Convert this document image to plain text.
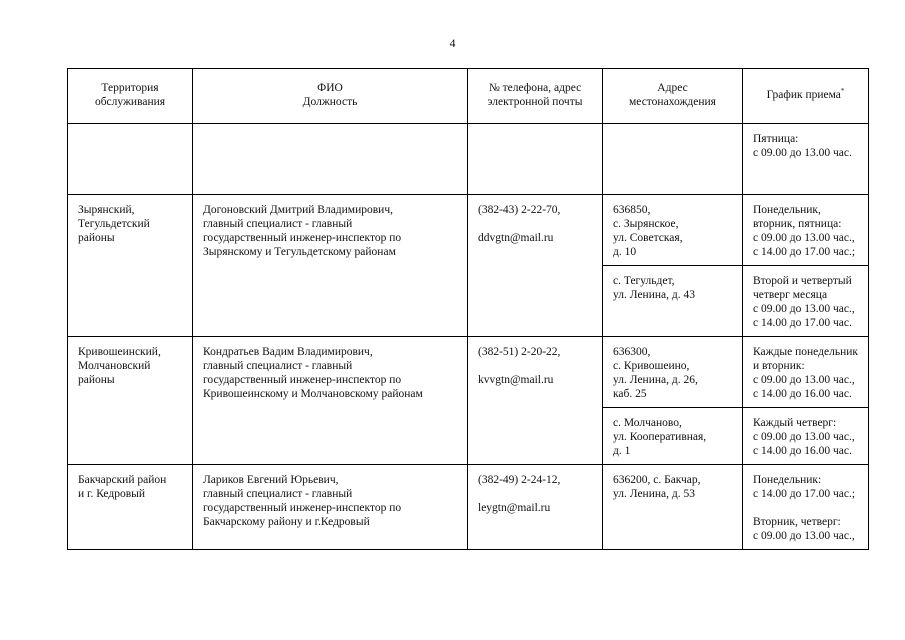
4
Территория
обслуживания	ФИО
Должность	№ телефона, адрес
электронной почты	Адрес
местонахождения	График приема*
				Пятница:
с 09.00 до 13.00 час.
Зырянский,
Тегульдетский
районы	Догоновский Дмитрий Владимирович,
главный специалист - главный
государственный инженер-инспектор по
Зырянскому и Тегульдетскому районам	(382-43) 2-22-70,

ddvgtn@mail.ru	636850,
с. Зырянское,
ул. Советская,
д. 10	Понедельник,
вторник, пятница:
с 09.00 до 13.00 час.,
с 14.00 до 17.00 час.;
			с. Тегульдет,
ул. Ленина, д. 43	Второй и четвертый
четверг месяца
с 09.00 до 13.00 час.,
с 14.00 до 17.00 час.
Кривошеинский,
Молчановский
районы	Кондратьев Вадим Владимирович,
главный специалист - главный
государственный инженер-инспектор по
Кривошеинскому и Молчановскому районам	(382-51) 2-20-22,

kvvgtn@mail.ru	636300,
с. Кривошеино,
ул. Ленина, д. 26,
каб. 25	Каждые понедельник
и вторник:
с 09.00 до 13.00 час.,
с 14.00 до 16.00 час.
			с. Молчаново,
ул. Кооперативная,
д. 1	Каждый четверг:
с 09.00 до 13.00 час.,
с 14.00 до 16.00 час.
Бакчарский район
и г. Кедровый	Лариков Евгений Юрьевич,
главный специалист - главный
государственный инженер-инспектор по
Бакчарскому району и г.Кедровый	(382-49) 2-24-12,

leygtn@mail.ru	636200, с. Бакчар,
ул. Ленина, д. 53	Понедельник:
с 14.00 до 17.00 час.;

Вторник, четверг:
с 09.00 до 13.00 час.,
